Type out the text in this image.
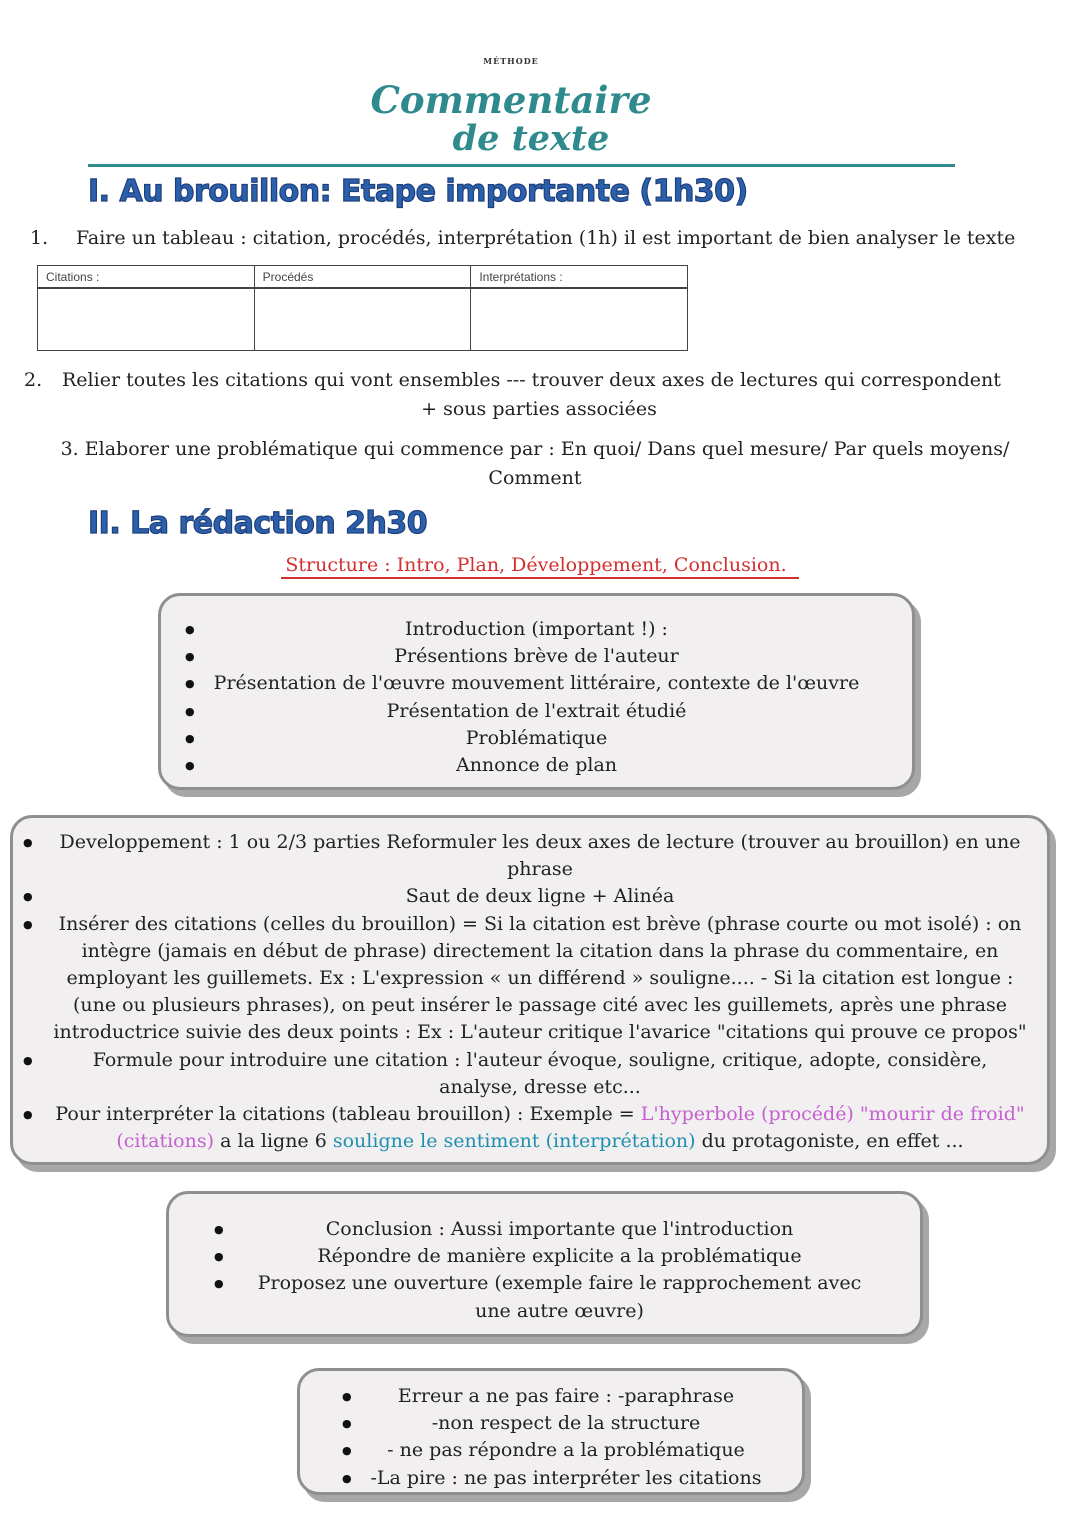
MÉTHODE
Commentaire
de texte
I. Au brouillon: Etape importante (1h30)
1. Faire un tableau : citation, procédés, interprétation (1h) il est important de bien analyser le texte
Citations :	Procédés	Interprétations :

2. Relier toutes les citations qui vont ensembles --- trouver deux axes de lectures qui correspondent
+ sous parties associées
3. Elaborer une problématique qui commence par : En quoi/ Dans quel mesure/ Par quels moyens/
Comment
II. La rédaction 2h30
Structure : Intro, Plan, Développement, Conclusion.
● Introduction (important !) :
● Présentions brève de l'auteur
● Présentation de l'œuvre mouvement littéraire, contexte de l'œuvre
● Présentation de l'extrait étudié
● Problématique
● Annonce de plan
● Developpement : 1 ou 2/3 parties Reformuler les deux axes de lecture (trouver au brouillon) en une phrase
● Saut de deux ligne + Alinéa
● Insérer des citations (celles du brouillon) = Si la citation est brève (phrase courte ou mot isolé) : on intègre (jamais en début de phrase) directement la citation dans la phrase du commentaire, en employant les guillemets. Ex : L'expression « un différend » souligne.... - Si la citation est longue : (une ou plusieurs phrases), on peut insérer le passage cité avec les guillemets, après une phrase introductrice suivie des deux points : Ex : L'auteur critique l'avarice "citations qui prouve ce propos"
● Formule pour introduire une citation : l'auteur évoque, souligne, critique, adopte, considère, analyse, dresse etc...
● Pour interpréter la citations (tableau brouillon) : Exemple = L'hyperbole (procédé) "mourir de froid" (citations) a la ligne 6 souligne le sentiment (interprétation) du protagoniste, en effet ...
● Conclusion : Aussi importante que l'introduction
● Répondre de manière explicite a la problématique
● Proposez une ouverture (exemple faire le rapprochement avec une autre œuvre)
● Erreur a ne pas faire : -paraphrase
● -non respect de la structure
● - ne pas répondre a la problématique
● -La pire : ne pas interpréter les citations
